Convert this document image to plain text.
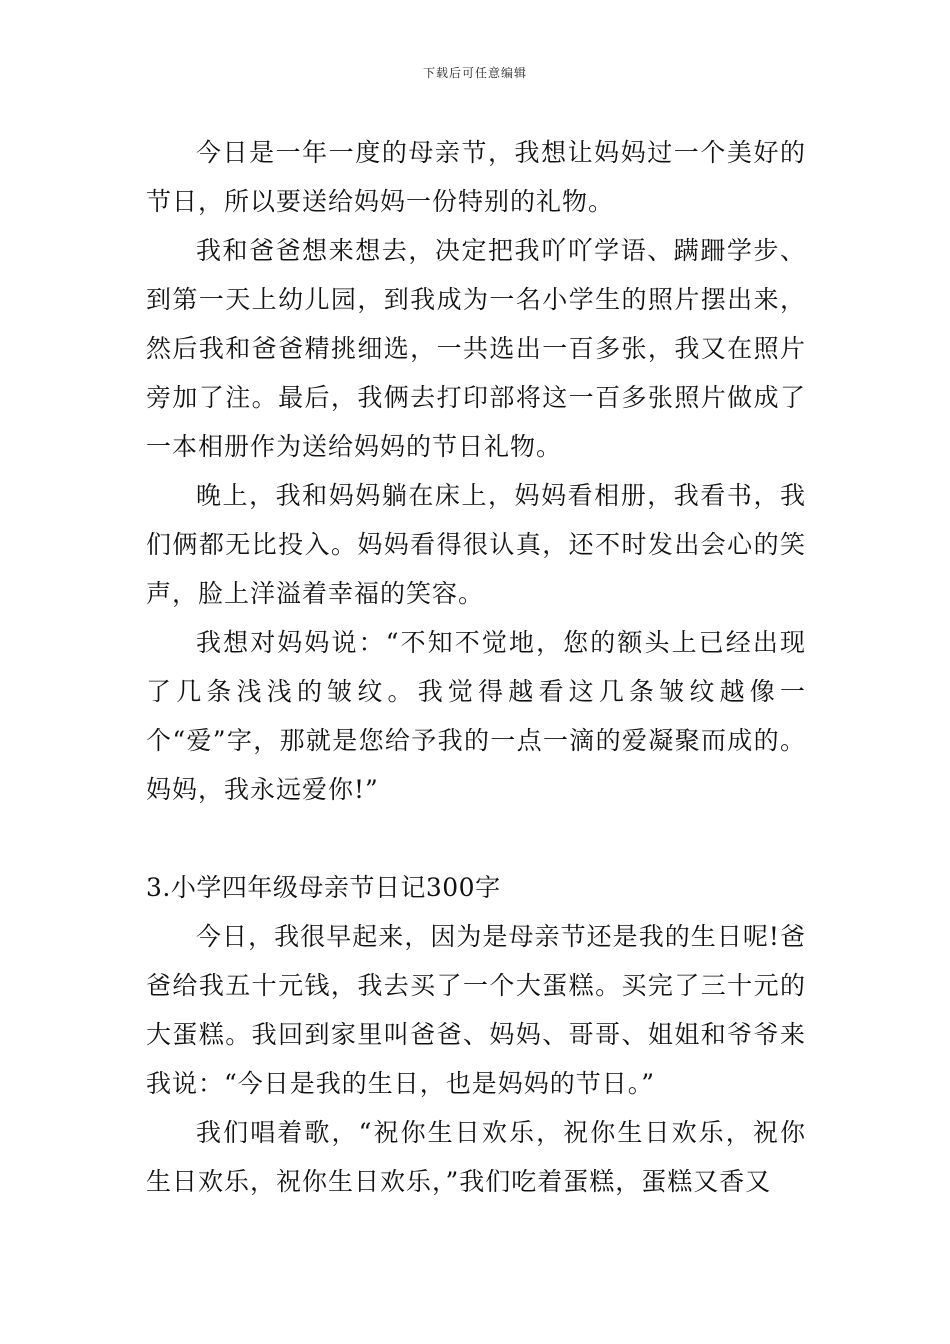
下载后可任意编辑

今日是一年一度的母亲节，我想让妈妈过一个美好的节日，所以要送给妈妈一份特别的礼物。

我和爸爸想来想去，决定把我吖吖学语、蹒跚学步、到第一天上幼儿园，到我成为一名小学生的照片摆出来，然后我和爸爸精挑细选，一共选出一百多张，我又在照片旁加了注。最后，我俩去打印部将这一百多张照片做成了一本相册作为送给妈妈的节日礼物。

晚上，我和妈妈躺在床上，妈妈看相册，我看书，我们俩都无比投入。妈妈看得很认真，还不时发出会心的笑声，脸上洋溢着幸福的笑容。

我想对妈妈说：“不知不觉地，您的额头上已经出现了几条浅浅的皱纹。我觉得越看这几条皱纹越像一个“爱”字，那就是您给予我的一点一滴的爱凝聚而成的。妈妈，我永远爱你!”

3.小学四年级母亲节日记300字

今日，我很早起来，因为是母亲节还是我的生日呢!爸爸给我五十元钱，我去买了一个大蛋糕。买完了三十元的大蛋糕。我回到家里叫爸爸、妈妈、哥哥、姐姐和爷爷来我说：“今日是我的生日，也是妈妈的节日。”

我们唱着歌，“祝你生日欢乐，祝你生日欢乐，祝你生日欢乐，祝你生日欢乐，”我们吃着蛋糕，蛋糕又香又
